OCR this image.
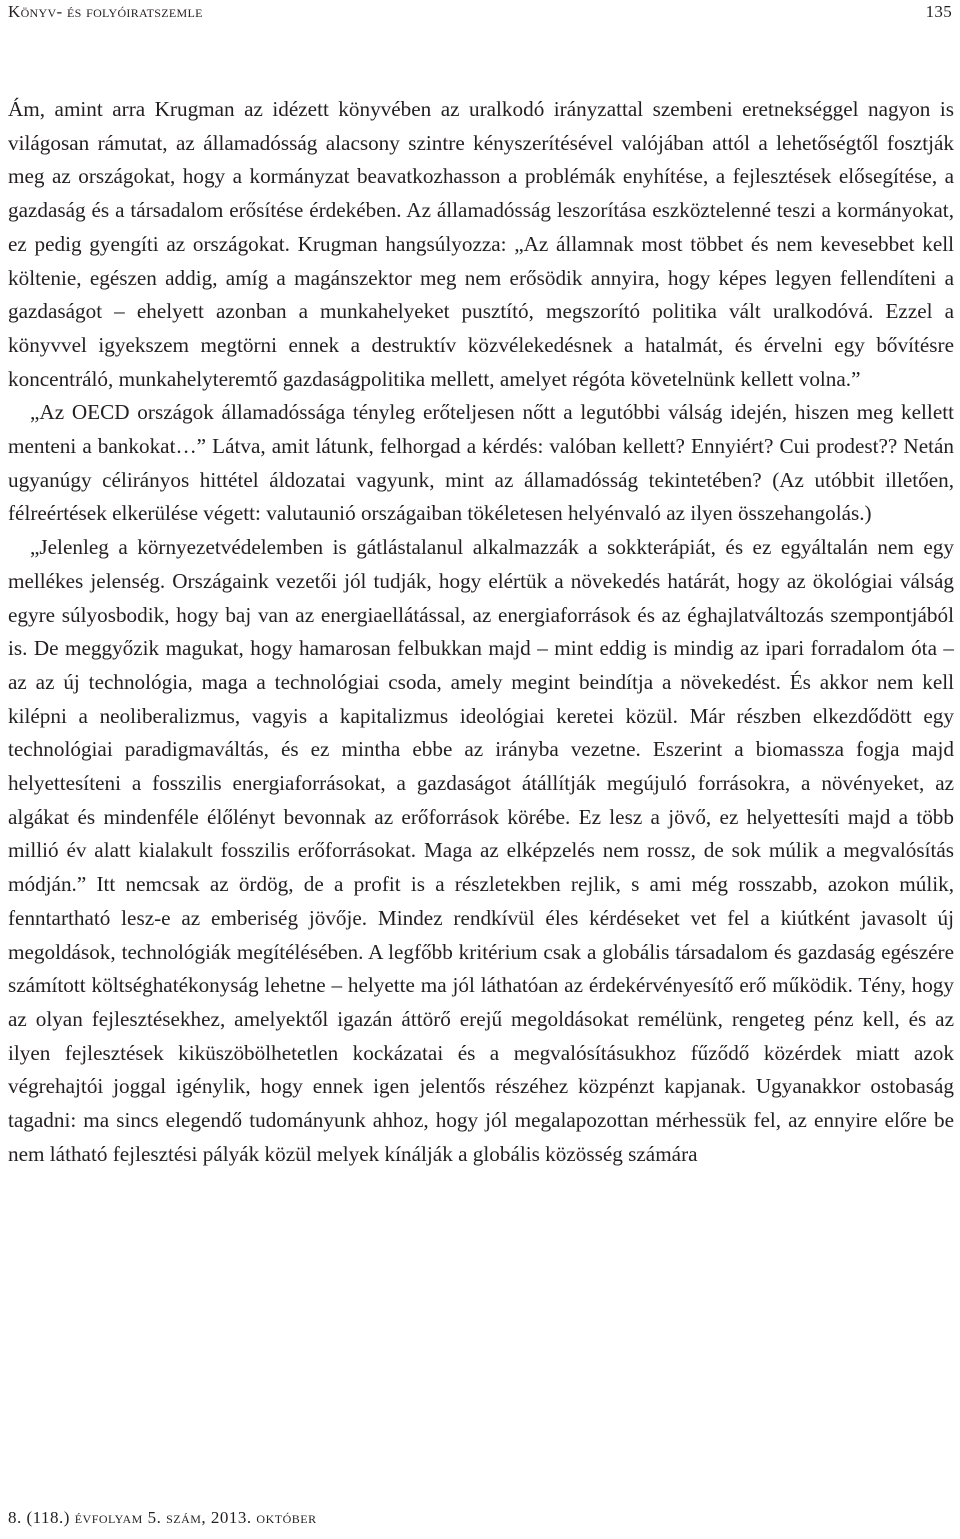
Könyv- és folyóiratszemle	135

Ám, amint arra Krugman az idézett könyvében az uralkodó irányzattal szembeni eretnekséggel nagyon is világosan rámutat, az államadósság alacsony szintre kényszerítésével valójában attól a lehetőségtől fosztják meg az országokat, hogy a kormányzat beavatkozhasson a problémák enyhítése, a fejlesztések elősegítése, a gazdaság és a társadalom erősítése érdekében. Az államadósság leszorítása eszköztelenné teszi a kormányokat, ez pedig gyengíti az országokat. Krugman hangsúlyozza: „Az államnak most többet és nem kevesebbet kell költenie, egészen addig, amíg a magánszektor meg nem erősödik annyira, hogy képes legyen fellendíteni a gazdaságot – ehelyett azonban a munkahelyeket pusztító, megszorító politika vált uralkodóvá. Ezzel a könyvvel igyekszem megtörni ennek a destruktív közvélekedésnek a hatalmát, és érvelni egy bővítésre koncentráló, munkahelyteremtő gazdaságpolitika mellett, amelyet régóta követelnünk kellett volna.”

„Az OECD országok államadóssága tényleg erőteljesen nőtt a legutóbbi válság idején, hiszen meg kellett menteni a bankokat…” Látva, amit látunk, felhorgad a kérdés: valóban kellett? Ennyiért? Cui prodest?? Netán ugyanúgy célirányos hittétel áldozatai vagyunk, mint az államadósság tekintetében? (Az utóbbit illetően, félreértések elkerülése végett: valutaunió országaiban tökéletesen helyénvaló az ilyen összehangolás.)

„Jelenleg a környezetvédelemben is gátlástalanul alkalmazzák a sokkterápiát, és ez egyáltalán nem egy mellékes jelenség. Országaink vezetői jól tudják, hogy elértük a növekedés határát, hogy az ökológiai válság egyre súlyosbodik, hogy baj van az energiaellátással, az energiaforrások és az éghajlatváltozás szempontjából is. De meggyőzik magukat, hogy hamarosan felbukkan majd – mint eddig is mindig az ipari forradalom óta – az az új technológia, maga a technológiai csoda, amely megint beindítja a növekedést. És akkor nem kell kilépni a neoliberalizmus, vagyis a kapitalizmus ideológiai keretei közül. Már részben elkezdődött egy technológiai paradigmaváltás, és ez mintha ebbe az irányba vezetne. Eszerint a biomassza fogja majd helyettesíteni a fosszilis energiaforrásokat, a gazdaságot átállítják megújuló forrásokra, a növényeket, az algákat és mindenféle élőlényt bevonnak az erőforrások körébe. Ez lesz a jövő, ez helyettesíti majd a több millió év alatt kialakult fosszilis erőforrásokat. Maga az elképzelés nem rossz, de sok múlik a megvalósítás módján.” Itt nemcsak az ördög, de a profit is a részletekben rejlik, s ami még rosszabb, azokon múlik, fenntartható lesz-e az emberiség jövője. Mindez rendkívül éles kérdéseket vet fel a kiútként javasolt új megoldások, technológiák megítélésében. A legfőbb kritérium csak a globális társadalom és gazdaság egészére számított költséghatékonyság lehetne – helyette ma jól láthatóan az érdekérvényesítő erő működik. Tény, hogy az olyan fejlesztésekhez, amelyektől igazán áttörő erejű megoldásokat remélünk, rengeteg pénz kell, és az ilyen fejlesztések kiküszöbölhetetlen kockázatai és a megvalósításukhoz fűződő közérdek miatt azok végrehajtói joggal igénylik, hogy ennek igen jelentős részéhez közpénzt kapjanak. Ugyanakkor ostobaság tagadni: ma sincs elegendő tudományunk ahhoz, hogy jól megalapozottan mérhessük fel, az ennyire előre be nem látható fejlesztési pályák közül melyek kínálják a globális közösség számára

8. (118.) évfolyam 5. szám, 2013. október
